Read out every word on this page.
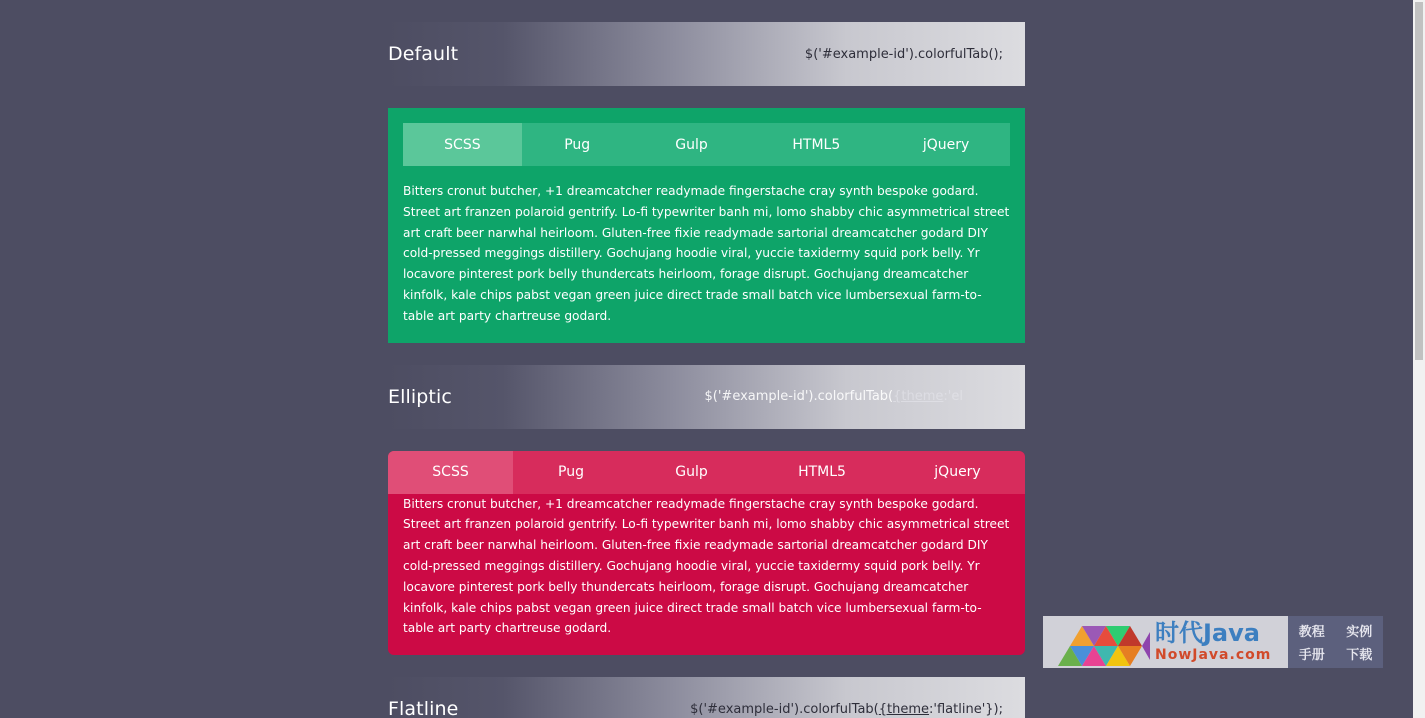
Default	$('#example-id').colorfulTab();
SCSS	Pug	Gulp	HTML5	jQuery
Bitters cronut butcher, +1 dreamcatcher readymade fingerstache cray synth bespoke godard. Street art franzen polaroid gentrify. Lo-fi typewriter banh mi, lomo shabby chic asymmetrical street art craft beer narwhal heirloom. Gluten-free fixie readymade sartorial dreamcatcher godard DIY cold-pressed meggings distillery. Gochujang hoodie viral, yuccie taxidermy squid pork belly. Yr locavore pinterest pork belly thundercats heirloom, forage disrupt. Gochujang dreamcatcher kinfolk, kale chips pabst vegan green juice direct trade small batch vice lumbersexual farm-to-table art party chartreuse godard.
Elliptic	$('#example-id').colorfulTab({theme:'el
SCSS	Pug	Gulp	HTML5	jQuery
Bitters cronut butcher, +1 dreamcatcher readymade fingerstache cray synth bespoke godard. Street art franzen polaroid gentrify. Lo-fi typewriter banh mi, lomo shabby chic asymmetrical street art craft beer narwhal heirloom. Gluten-free fixie readymade sartorial dreamcatcher godard DIY cold-pressed meggings distillery. Gochujang hoodie viral, yuccie taxidermy squid pork belly. Yr locavore pinterest pork belly thundercats heirloom, forage disrupt. Gochujang dreamcatcher kinfolk, kale chips pabst vegan green juice direct trade small batch vice lumbersexual farm-to-table art party chartreuse godard.
Flatline	$('#example-id').colorfulTab({theme:'flatline'});
时代Java
NowJava.com
教程 实例
手册 下载
